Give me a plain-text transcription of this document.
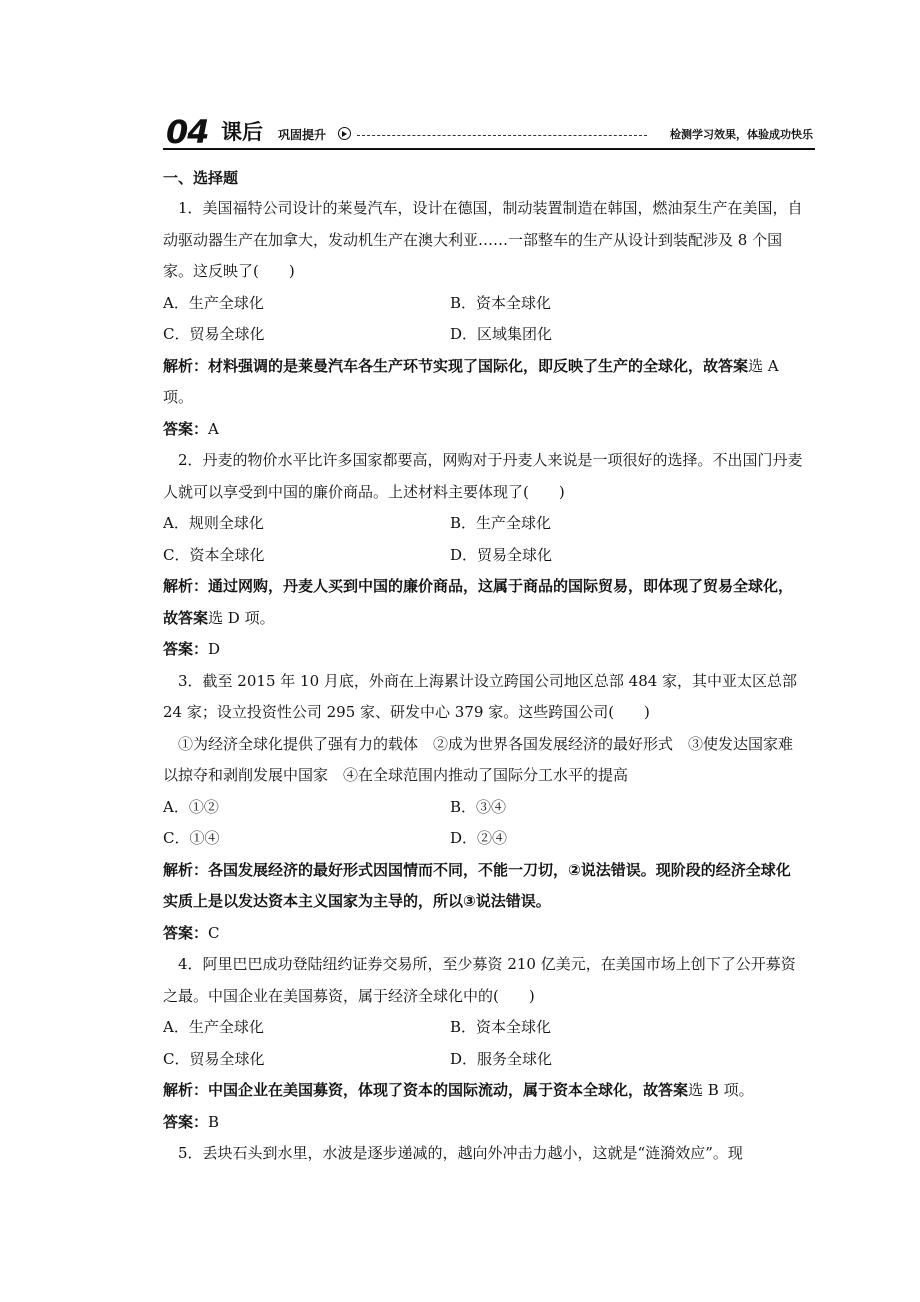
04 课后 巩固提升	检测学习效果，体验成功快乐

一、选择题

1．美国福特公司设计的莱曼汽车，设计在德国，制动装置制造在韩国，燃油泵生产在美国，自动驱动器生产在加拿大，发动机生产在澳大利亚……一部整车的生产从设计到装配涉及 8 个国家。这反映了(　　)

A．生产全球化	B．资本全球化
C．贸易全球化	D．区域集团化

解析：材料强调的是莱曼汽车各生产环节实现了国际化，即反映了生产的全球化，故答案选 A 项。

答案：A

2．丹麦的物价水平比许多国家都要高，网购对于丹麦人来说是一项很好的选择。不出国门丹麦人就可以享受到中国的廉价商品。上述材料主要体现了(　　)

A．规则全球化	B．生产全球化
C．资本全球化	D．贸易全球化

解析：通过网购，丹麦人买到中国的廉价商品，这属于商品的国际贸易，即体现了贸易全球化，故答案选 D 项。

答案：D

3．截至 2015 年 10 月底，外商在上海累计设立跨国公司地区总部 484 家，其中亚太区总部 24 家；设立投资性公司 295 家、研发中心 379 家。这些跨国公司(　　)

①为经济全球化提供了强有力的载体　②成为世界各国发展经济的最好形式　③使发达国家难以掠夺和剥削发展中国家　④在全球范围内推动了国际分工水平的提高

A．①②	B．③④
C．①④	D．②④

解析：各国发展经济的最好形式因国情而不同，不能一刀切，②说法错误。现阶段的经济全球化实质上是以发达资本主义国家为主导的，所以③说法错误。

答案：C

4．阿里巴巴成功登陆纽约证券交易所，至少募资 210 亿美元，在美国市场上创下了公开募资之最。中国企业在美国募资，属于经济全球化中的(　　)

A．生产全球化	B．资本全球化
C．贸易全球化	D．服务全球化

解析：中国企业在美国募资，体现了资本的国际流动，属于资本全球化，故答案选 B 项。

答案：B

5．丢块石头到水里，水波是逐步递减的，越向外冲击力越小，这就是“涟漪效应”。现
